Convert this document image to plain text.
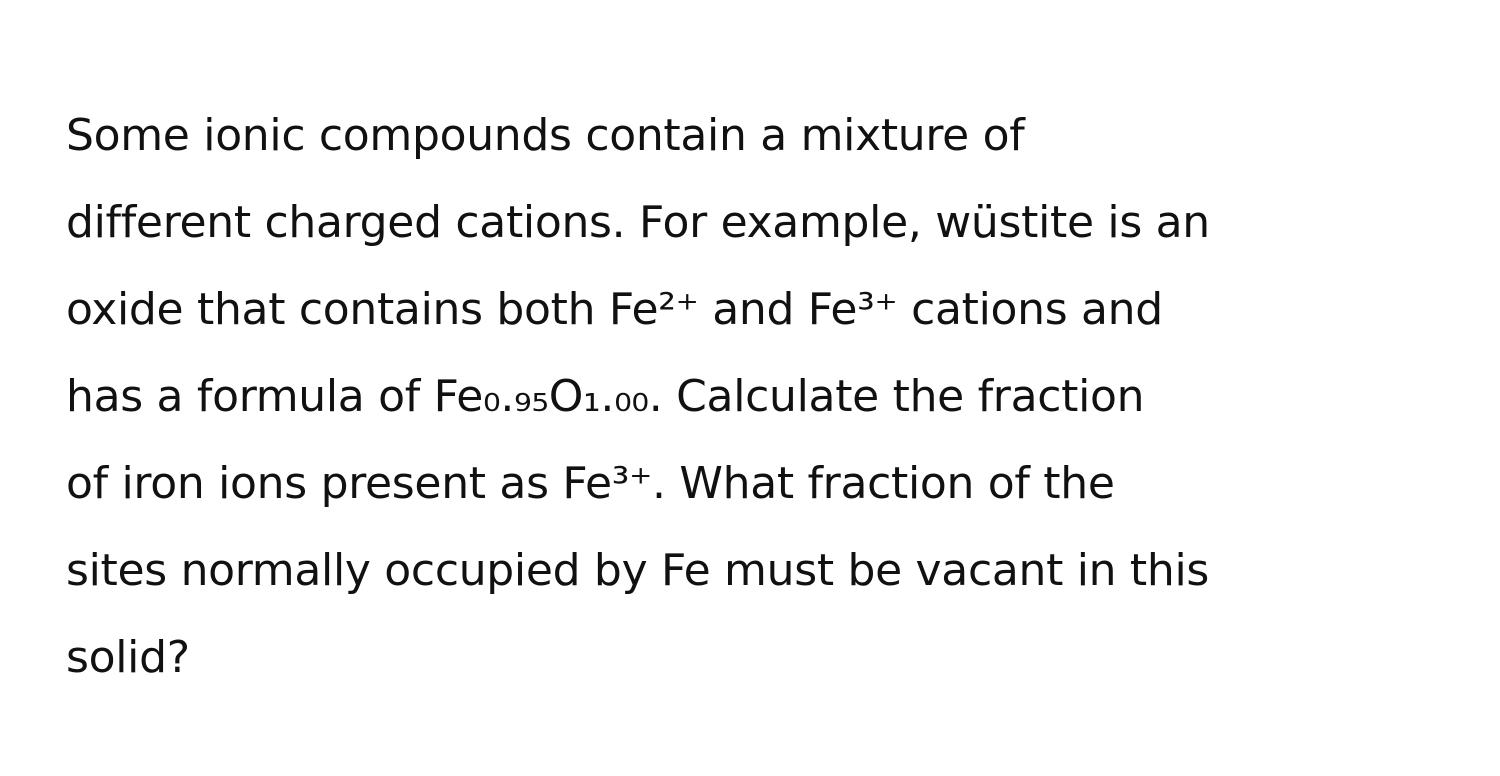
Some ionic compounds contain a mixture of
different charged cations. For example, wüstite is an
oxide that contains both Fe²⁺ and Fe³⁺ cations and
has a formula of Fe₀.₉₅O₁.₀₀. Calculate the fraction
of iron ions present as Fe³⁺. What fraction of the
sites normally occupied by Fe must be vacant in this
solid?
